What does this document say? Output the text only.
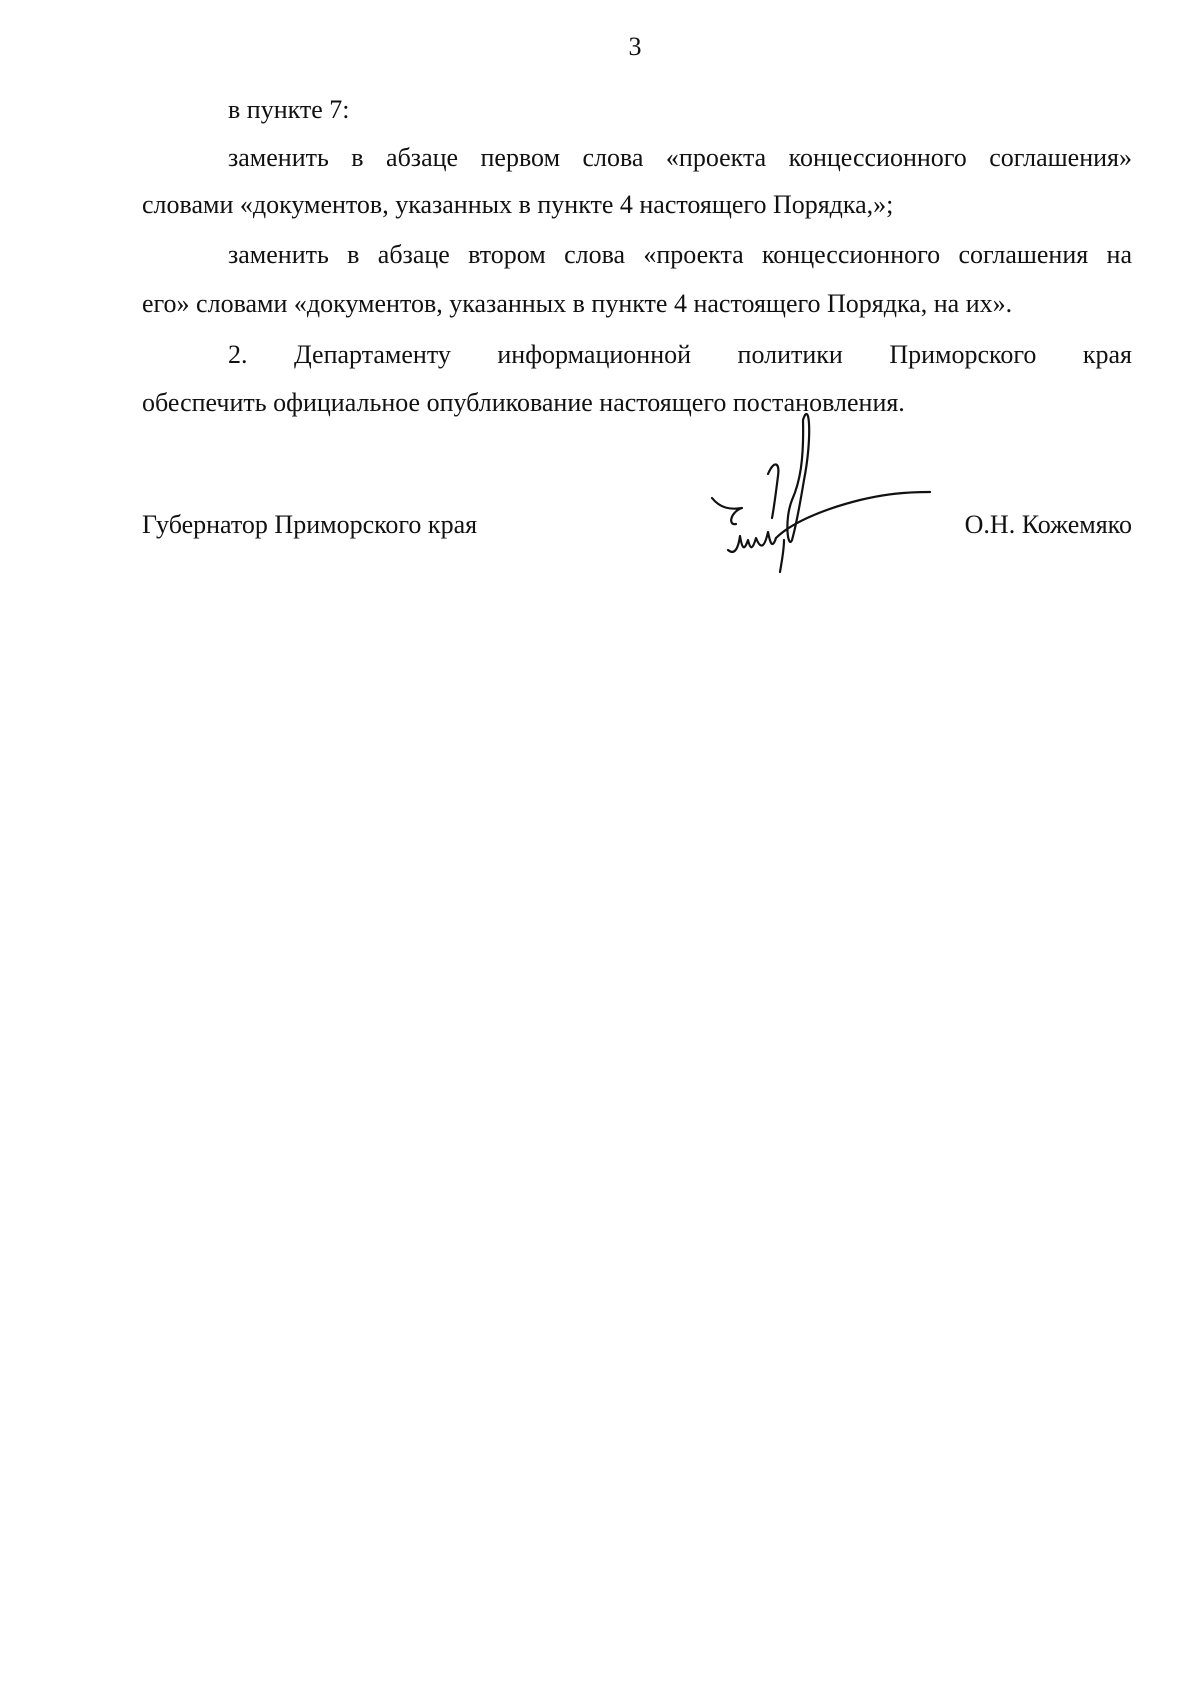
3
в пункте 7:
заменить в абзаце первом слова «проекта концессионного соглашения»
словами «документов, указанных в пункте 4 настоящего Порядка,»;
заменить в абзаце втором слова «проекта концессионного соглашения на
его» словами «документов, указанных в пункте 4 настоящего Порядка, на их».
2. Департаменту информационной политики Приморского края
обеспечить официальное опубликование настоящего постановления.
Губернатор Приморского края	О.Н. Кожемяко
